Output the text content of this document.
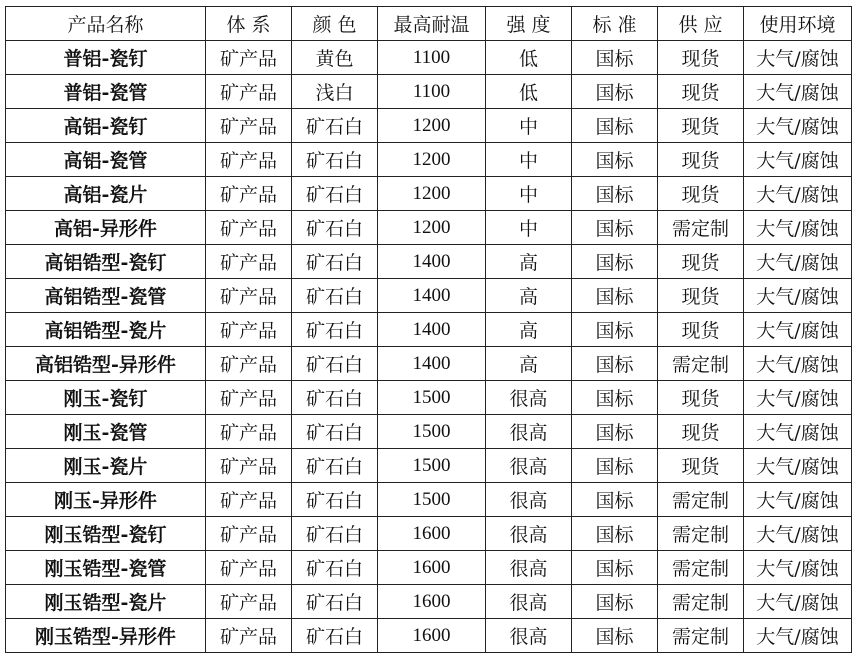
产品名称	体 系	颜 色	最高耐温	强 度	标 准	供 应	使用环境
普铝-瓷钉	矿产品	黄色	1100	低	国标	现货	大气/腐蚀
普铝-瓷管	矿产品	浅白	1100	低	国标	现货	大气/腐蚀
高铝-瓷钉	矿产品	矿石白	1200	中	国标	现货	大气/腐蚀
高铝-瓷管	矿产品	矿石白	1200	中	国标	现货	大气/腐蚀
高铝-瓷片	矿产品	矿石白	1200	中	国标	现货	大气/腐蚀
高铝-异形件	矿产品	矿石白	1200	中	国标	需定制	大气/腐蚀
高铝锆型-瓷钉	矿产品	矿石白	1400	高	国标	现货	大气/腐蚀
高铝锆型-瓷管	矿产品	矿石白	1400	高	国标	现货	大气/腐蚀
高铝锆型-瓷片	矿产品	矿石白	1400	高	国标	现货	大气/腐蚀
高铝锆型-异形件	矿产品	矿石白	1400	高	国标	需定制	大气/腐蚀
刚玉-瓷钉	矿产品	矿石白	1500	很高	国标	现货	大气/腐蚀
刚玉-瓷管	矿产品	矿石白	1500	很高	国标	现货	大气/腐蚀
刚玉-瓷片	矿产品	矿石白	1500	很高	国标	现货	大气/腐蚀
刚玉-异形件	矿产品	矿石白	1500	很高	国标	需定制	大气/腐蚀
刚玉锆型-瓷钉	矿产品	矿石白	1600	很高	国标	需定制	大气/腐蚀
刚玉锆型-瓷管	矿产品	矿石白	1600	很高	国标	需定制	大气/腐蚀
刚玉锆型-瓷片	矿产品	矿石白	1600	很高	国标	需定制	大气/腐蚀
刚玉锆型-异形件	矿产品	矿石白	1600	很高	国标	需定制	大气/腐蚀
